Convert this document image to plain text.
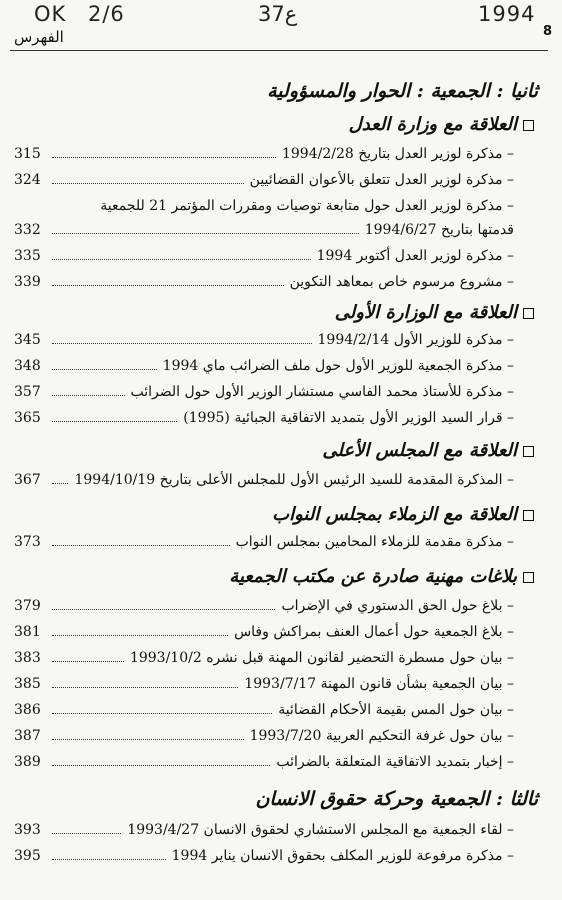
OK 2/6	37ع	1994
8
الفهرس
ثانيا : الجمعية : الحوار والمسؤولية
العلاقة مع وزارة العدل
315	– مذكرة لوزير العدل بتاريخ 1994/2/28
324	– مذكرة لوزير العدل تتعلق بالأعوان القضائيين
– مذكرة لوزير العدل حول متابعة توصيات ومقررات المؤتمر 21 للجمعية
332	قدمتها بتاريخ 1994/6/27
335	– مذكرة لوزير العدل أكتوبر 1994
339	– مشروع مرسوم خاص بمعاهد التكوين
العلاقة مع الوزارة الأولى
345	– مذكرة للوزير الأول 1994/2/14
348	– مذكرة الجمعية للوزير الأول حول ملف الضرائب ماي 1994
357	– مذكرة للأستاذ محمد الفاسي مستشار الوزير الأول حول الضرائب
365	– قرار السيد الوزير الأول بتمديد الاتفاقية الجبائية (1995)
العلاقة مع المجلس الأعلى
367	– المذكرة المقدمة للسيد الرئيس الأول للمجلس الأعلى بتاريخ 1994/10/19
العلاقة مع الزملاء بمجلس النواب
373	– مذكرة مقدمة للزملاء المحامين بمجلس النواب
بلاغات مهنية صادرة عن مكتب الجمعية
379	– بلاغ حول الحق الدستوري في الإضراب
381	– بلاغ الجمعية حول أعمال العنف بمراكش وفاس
383	– بيان حول مسطرة التحضير لقانون المهنة قبل نشره 1993/10/2
385	– بيان الجمعية بشأن قانون المهنة 1993/7/17
386	– بيان حول المس بقيمة الأحكام القضائية
387	– بيان حول غرفة التحكيم العربية 1993/7/20
389	– إخبار بتمديد الاتفاقية المتعلقة بالضرائب
ثالثا : الجمعية وحركة حقوق الانسان
393	– لقاء الجمعية مع المجلس الاستشاري لحقوق الانسان 1993/4/27
395	– مذكرة مرفوعة للوزير المكلف بحقوق الانسان يناير 1994
